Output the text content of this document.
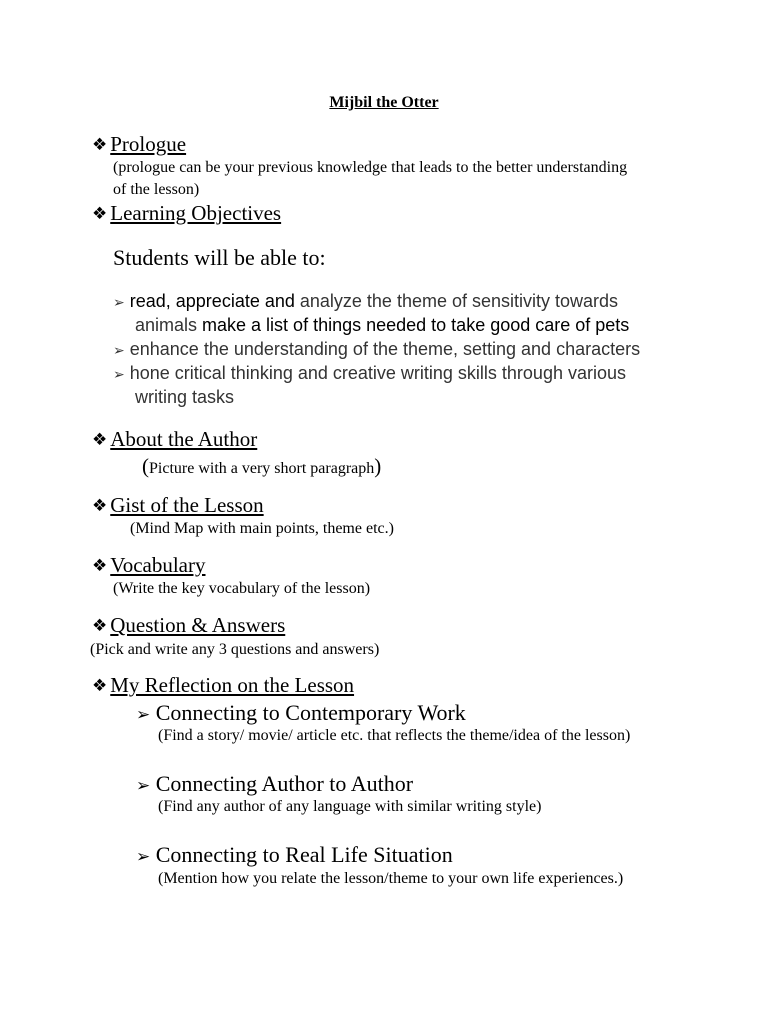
Mijbil the Otter
❖ Prologue
(prologue can be your previous knowledge that leads to the better understanding
of the lesson)
❖ Learning Objectives
Students will be able to:
➢ read, appreciate and analyze the theme of sensitivity towards
animals make a list of things needed to take good care of pets
➢ enhance the understanding of the theme, setting and characters
➢ hone critical thinking and creative writing skills through various
writing tasks
❖ About the Author
(Picture with a very short paragraph)
❖ Gist of the Lesson
(Mind Map with main points, theme etc.)
❖ Vocabulary
(Write the key vocabulary of the lesson)
❖ Question & Answers
(Pick and write any 3 questions and answers)
❖ My Reflection on the Lesson
➢ Connecting to Contemporary Work
(Find a story/ movie/ article etc. that reflects the theme/idea of the lesson)
➢ Connecting Author to Author
(Find any author of any language with similar writing style)
➢ Connecting to Real Life Situation
(Mention how you relate the lesson/theme to your own life experiences.)
